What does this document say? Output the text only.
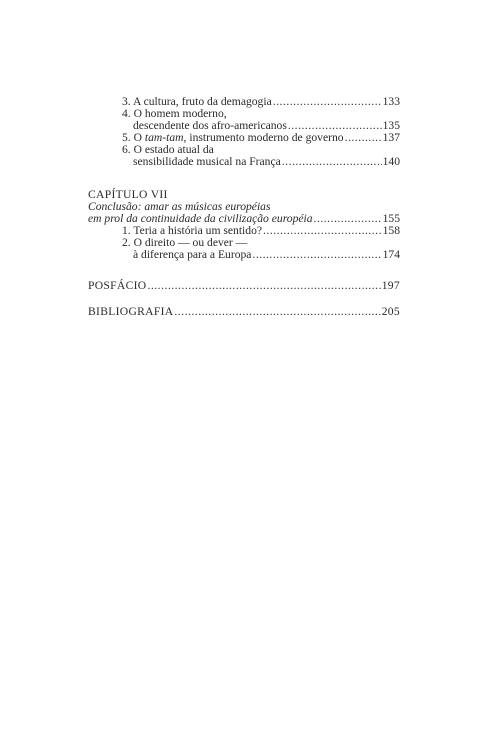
3. A cultura, fruto da demagogia .....	133
4. O homem moderno,
descendente dos afro-americanos .....	135
5. O tam-tam, instrumento moderno de governo .....	137
6. O estado atual da
sensibilidade musical na França .....	140
CAPÍTULO VII
Conclusão: amar as músicas européias
em prol da continuidade da civilização européia .....	155
1. Teria a história um sentido? .....	158
2. O direito — ou dever —
à diferença para a Europa .....	174
POSFÁCIO .....	197
BIBLIOGRAFIA .....	205
